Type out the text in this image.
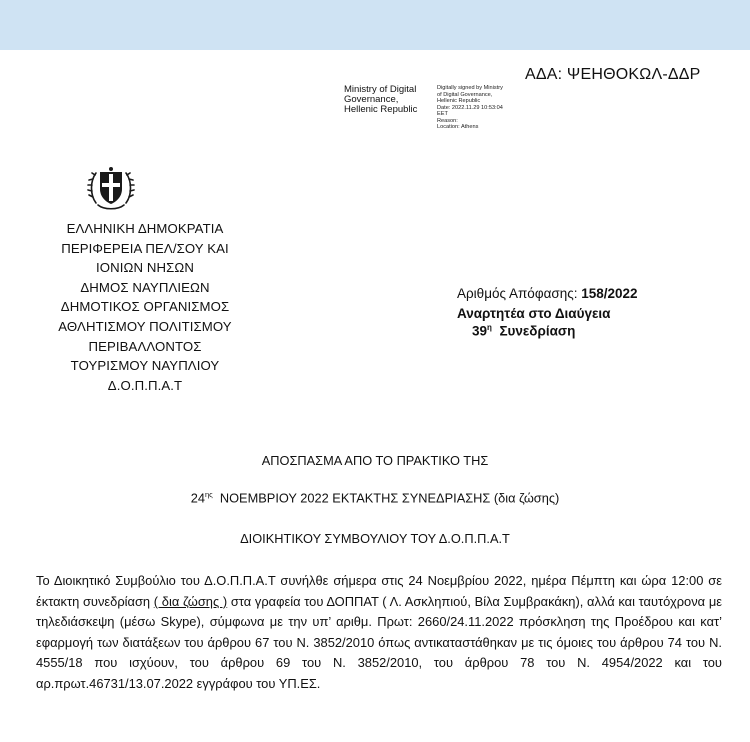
ΑΔΑ: ΨΕΗΘΟΚΩΛ-ΔΔΡ
Ministry of Digital
Governance,
Hellenic Republic
Digitally signed by Ministry
of Digital Governance,
Hellenic Republic
Date: 2022.11.29 10:53:04
EET
Reason:
Location: Athens
ΕΛΛΗΝΙΚΗ ΔΗΜΟΚΡΑΤΙΑ
ΠΕΡΙΦΕΡΕΙΑ ΠΕΛ/ΣΟΥ ΚΑΙ
ΙΟΝΙΩΝ ΝΗΣΩΝ
ΔΗΜΟΣ ΝΑΥΠΛΙΕΩΝ
ΔΗΜΟΤΙΚΟΣ ΟΡΓΑΝΙΣΜΟΣ
ΑΘΛΗΤΙΣΜΟΥ ΠΟΛΙΤΙΣΜΟΥ
ΠΕΡΙΒΑΛΛΟΝΤΟΣ
ΤΟΥΡΙΣΜΟΥ ΝΑΥΠΛΙΟΥ
Δ.Ο.Π.Π.Α.Τ
Αριθμός Απόφασης: 158/2022
Αναρτητέα στο Διαύγεια
$39^\eta$ Συνεδρίαση
ΑΠΟΣΠΑΣΜΑ ΑΠΟ ΤΟ ΠΡΑΚΤΙΚΟ ΤΗΣ
$24^{\eta\varsigma}$  ΝΟΕΜΒΡΙΟΥ 2022 ΕΚΤΑΚΤΗΣ ΣΥΝΕΔΡΙΑΣΗΣ (δια ζώσης)
ΔΙΟΙΚΗΤΙΚΟΥ ΣΥΜΒΟΥΛΙΟΥ ΤΟΥ Δ.Ο.Π.Π.Α.Τ
Το Διοικητικό Συμβούλιο του Δ.Ο.Π.Π.Α.Τ συνήλθε σήμερα στις 24 Νοεμβρίου 2022, ημέρα Πέμπτη και ώρα 12:00 σε έκτακτη συνεδρίαση ( δια ζώσης ) στα γραφεία του ΔΟΠΠΑΤ ( Λ. Ασκληπιού, Βίλα Συμβρακάκη), αλλά και ταυτόχρονα με τηλεδιάσκεψη (μέσω Skype), σύμφωνα με την υπ’ αριθμ. Πρωτ: 2660/24.11.2022 πρόσκληση της Προέδρου και κατ’ εφαρμογή των διατάξεων του άρθρου 67 του Ν. 3852/2010 όπως αντικαταστάθηκαν με τις όμοιες του άρθρου 74 του Ν. 4555/18 που ισχύουν, του άρθρου 69 του Ν. 3852/2010, του άρθρου 78 του Ν. 4954/2022 και του αρ.πρωτ.46731/13.07.2022 εγγράφου του ΥΠ.ΕΣ.
